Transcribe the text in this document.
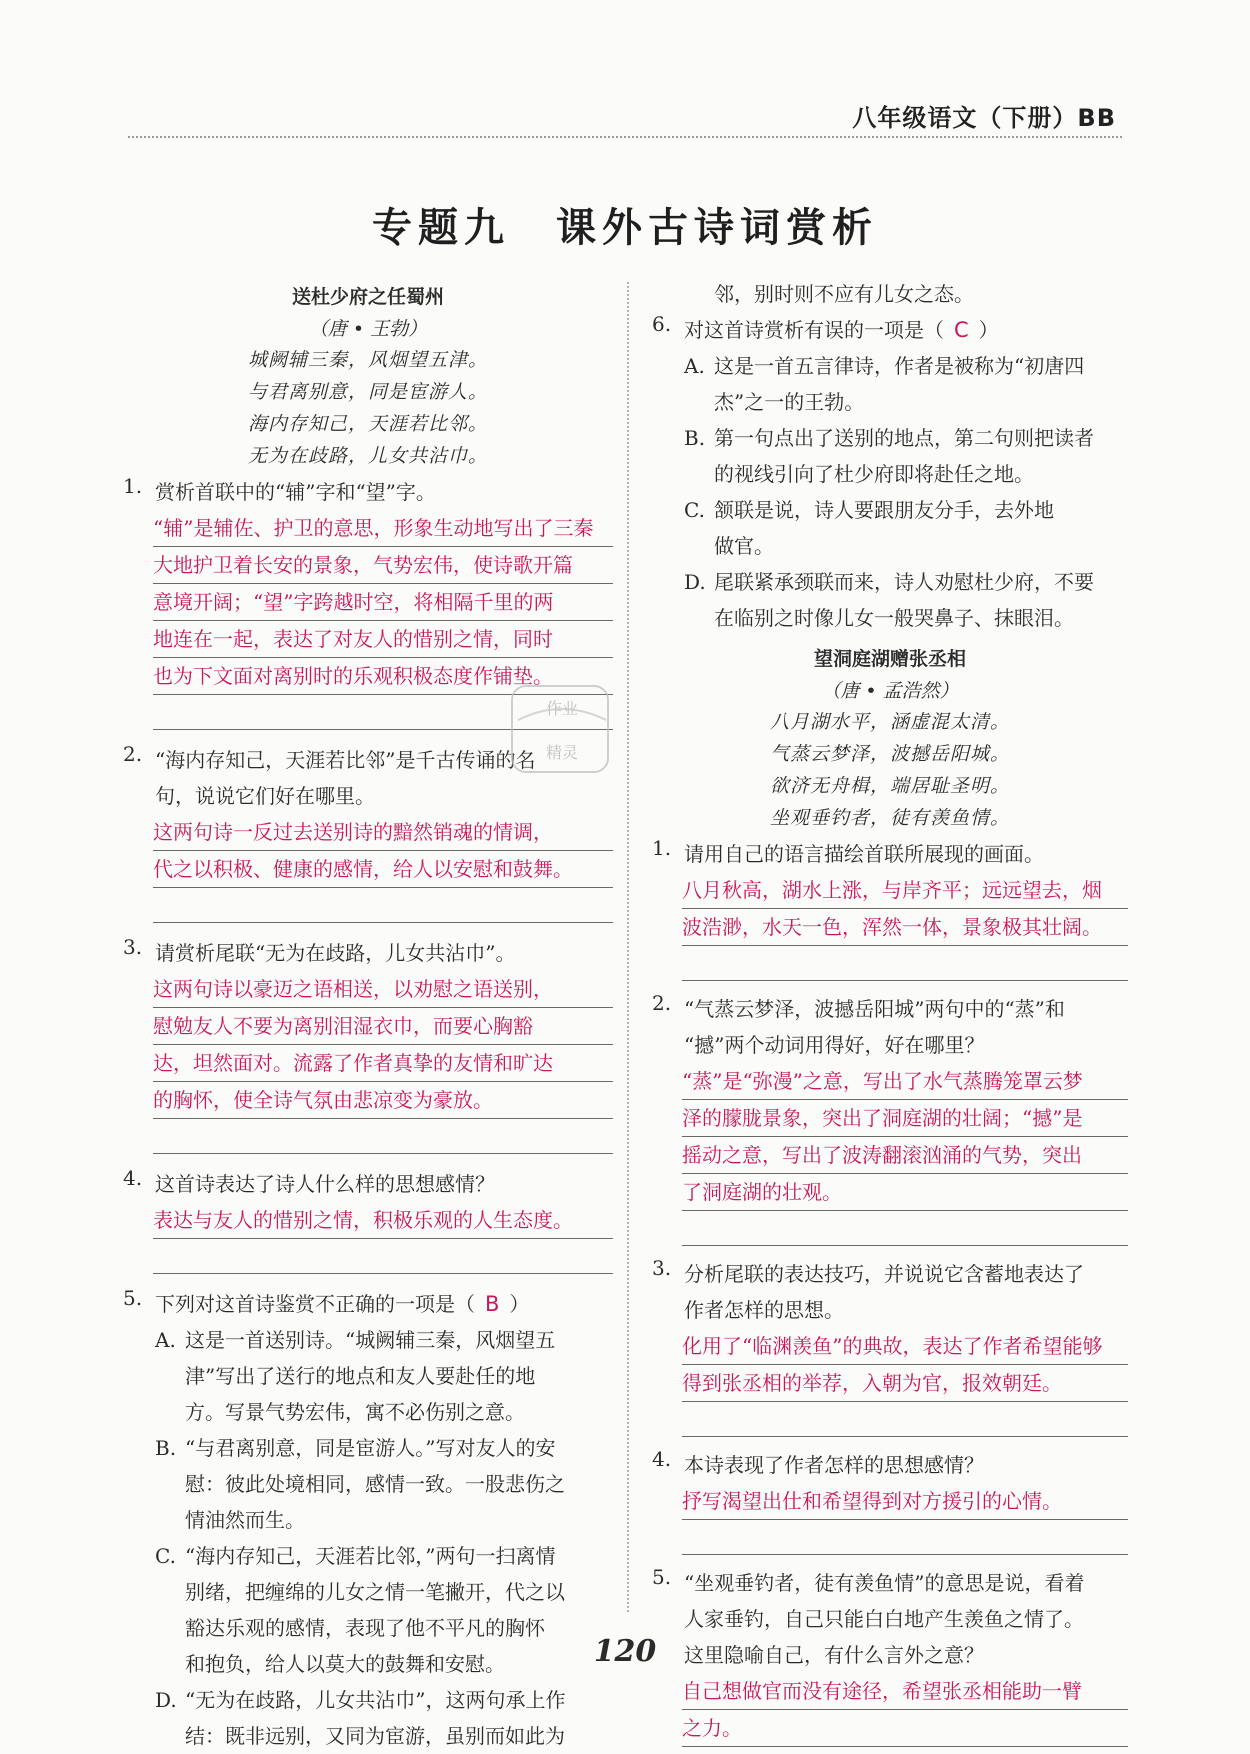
八年级语文（下册）BB
专题九　课外古诗词赏析
送杜少府之任蜀州
（唐 • 王勃）
城阙辅三秦，风烟望五津。
与君离别意，同是宦游人。
海内存知己，天涯若比邻。
无为在歧路，儿女共沾巾。
1. 赏析首联中的“辅”字和“望”字。
“辅”是辅佐、护卫的意思，形象生动地写出了三秦
大地护卫着长安的景象，气势宏伟，使诗歌开篇
意境开阔；“望”字跨越时空，将相隔千里的两
地连在一起，表达了对友人的惜别之情，同时
也为下文面对离别时的乐观积极态度作铺垫。
2. “海内存知己，天涯若比邻”是千古传诵的名
句，说说它们好在哪里。
这两句诗一反过去送别诗的黯然销魂的情调，
代之以积极、健康的感情，给人以安慰和鼓舞。
3. 请赏析尾联“无为在歧路，儿女共沾巾”。
这两句诗以豪迈之语相送，以劝慰之语送别，
慰勉友人不要为离别泪湿衣巾，而要心胸豁
达，坦然面对。流露了作者真挚的友情和旷达
的胸怀，使全诗气氛由悲凉变为豪放。
4. 这首诗表达了诗人什么样的思想感情？
表达与友人的惜别之情，积极乐观的人生态度。
5. 下列对这首诗鉴赏不正确的一项是（ B ）
A. 这是一首送别诗。“城阙辅三秦，风烟望五
津”写出了送行的地点和友人要赴任的地
方。写景气势宏伟，寓不必伤别之意。
B. “与君离别意，同是宦游人。”写对友人的安
慰：彼此处境相同，感情一致。一股悲伤之
情油然而生。
C. “海内存知己，天涯若比邻，”两句一扫离情
别绪，把缠绵的儿女之情一笔撇开，代之以
豁达乐观的感情，表现了他不平凡的胸怀
和抱负，给人以莫大的鼓舞和安慰。
D. “无为在歧路，儿女共沾巾”，这两句承上作
结：既非远别，又同为宦游，虽别而如此为
邻，别时则不应有儿女之态。
6. 对这首诗赏析有误的一项是（ C ）
A. 这是一首五言律诗，作者是被称为“初唐四
杰”之一的王勃。
B. 第一句点出了送别的地点，第二句则把读者
的视线引向了杜少府即将赴任之地。
C. 颔联是说，诗人要跟朋友分手，去外地
做官。
D. 尾联紧承颈联而来，诗人劝慰杜少府，不要
在临别之时像儿女一般哭鼻子、抹眼泪。
望洞庭湖赠张丞相
（唐 • 孟浩然）
八月湖水平，涵虚混太清。
气蒸云梦泽，波撼岳阳城。
欲济无舟楫，端居耻圣明。
坐观垂钓者，徒有羡鱼情。
1. 请用自己的语言描绘首联所展现的画面。
八月秋高，湖水上涨，与岸齐平；远远望去，烟
波浩渺，水天一色，浑然一体，景象极其壮阔。
2. “气蒸云梦泽，波撼岳阳城”两句中的“蒸”和
“撼”两个动词用得好，好在哪里？
“蒸”是“弥漫”之意，写出了水气蒸腾笼罩云梦
泽的朦胧景象，突出了洞庭湖的壮阔；“撼”是
摇动之意，写出了波涛翻滚汹涌的气势，突出
了洞庭湖的壮观。
3. 分析尾联的表达技巧，并说说它含蓄地表达了
作者怎样的思想。
化用了“临渊羡鱼”的典故，表达了作者希望能够
得到张丞相的举荐，入朝为官，报效朝廷。
4. 本诗表现了作者怎样的思想感情？
抒写渴望出仕和希望得到对方援引的心情。
5. “坐观垂钓者，徒有羡鱼情”的意思是说，看着
人家垂钓，自己只能白白地产生羡鱼之情了。
这里隐喻自己，有什么言外之意？
自己想做官而没有途径，希望张丞相能助一臂
之力。
作业
精灵
120
